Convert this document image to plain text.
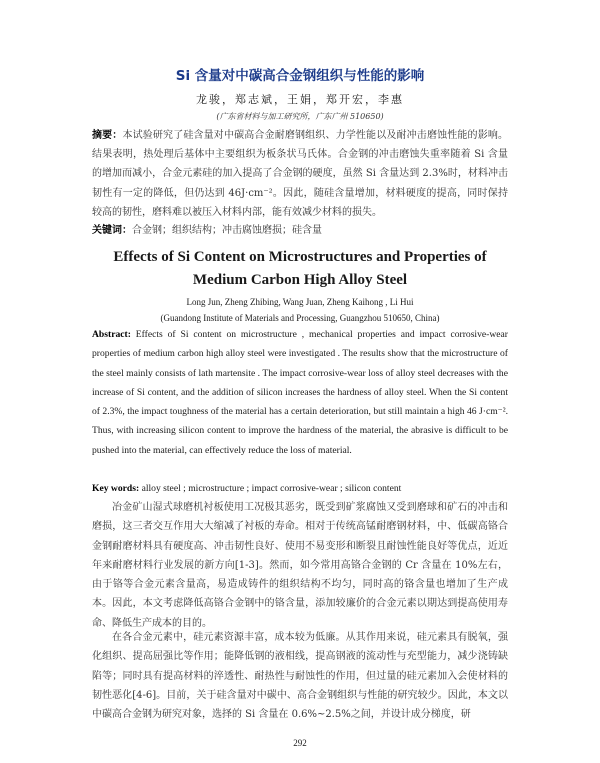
Si 含量对中碳高合金钢组织与性能的影响
龙骏，郑志斌，王娟，郑开宏，李惠
(广东省材料与加工研究所，广东广州 510650)
摘要：本试验研究了硅含量对中碳高合金耐磨钢组织、力学性能以及耐冲击磨蚀性能的影响。结果表明，热处理后基体中主要组织为板条状马氏体。合金钢的冲击磨蚀失重率随着 Si 含量的增加而减小，合金元素硅的加入提高了合金钢的硬度，虽然 Si 含量达到 2.3%时，材料冲击韧性有一定的降低，但仍达到 46J·cm⁻²。因此，随硅含量增加，材料硬度的提高，同时保持较高的韧性，磨料难以被压入材料内部，能有效减少材料的损失。
关键词：合金钢；组织结构；冲击腐蚀磨损；硅含量
Effects of Si Content on Microstructures and Properties of Medium Carbon High Alloy Steel
Long Jun, Zheng Zhibing, Wang Juan, Zheng Kaihong , Li Hui
(Guandong Institute of Materials and Processing, Guangzhou 510650, China)
Abstract: Effects of Si content on microstructure , mechanical properties and impact corrosive-wear properties of medium carbon high alloy steel were investigated . The results show that the microstructure of the steel mainly consists of lath martensite . The impact corrosive-wear loss of alloy steel decreases with the increase of Si content, and the addition of silicon increases the hardness of alloy steel. When the Si content of 2.3%, the impact toughness of the material has a certain deterioration, but still maintain a high 46 J·cm⁻². Thus, with increasing silicon content to improve the hardness of the material, the abrasive is difficult to be pushed into the material, can effectively reduce the loss of material.
Key words: alloy steel ; microstructure ; impact corrosive-wear ; silicon content
冶金矿山湿式球磨机衬板使用工况极其恶劣，既受到矿浆腐蚀又受到磨球和矿石的冲击和磨损，这三者交互作用大大缩减了衬板的寿命。相对于传统高锰耐磨钢材料，中、低碳高铬合金钢耐磨材料具有硬度高、冲击韧性良好、使用不易变形和断裂且耐蚀性能良好等优点，近近年来耐磨材料行业发展的新方向[1-3]。然而，如今常用高铬合金钢的 Cr 含量在 10%左右，由于铬等合金元素含量高，易造成铸件的组织结构不均匀，同时高的铬含量也增加了生产成本。因此，本文考虑降低高铬合金钢中的铬含量，添加较廉价的合金元素以期达到提高使用寿命、降低生产成本的目的。
在各合金元素中，硅元素资源丰富，成本较为低廉。从其作用来说，硅元素具有脱氧，强化组织、提高屈强比等作用；能降低钢的液相线，提高钢液的流动性与充型能力，减少浇铸缺陷等；同时具有提高材料的淬透性、耐热性与耐蚀性的作用，但过量的硅元素加入会使材料的韧性恶化[4-6]。目前，关于硅含量对中碳中、高合金钢组织与性能的研究较少。因此，本文以中碳高合金钢为研究对象，选择的 Si 含量在 0.6%~2.5%之间，并设计成分梯度，研
292
